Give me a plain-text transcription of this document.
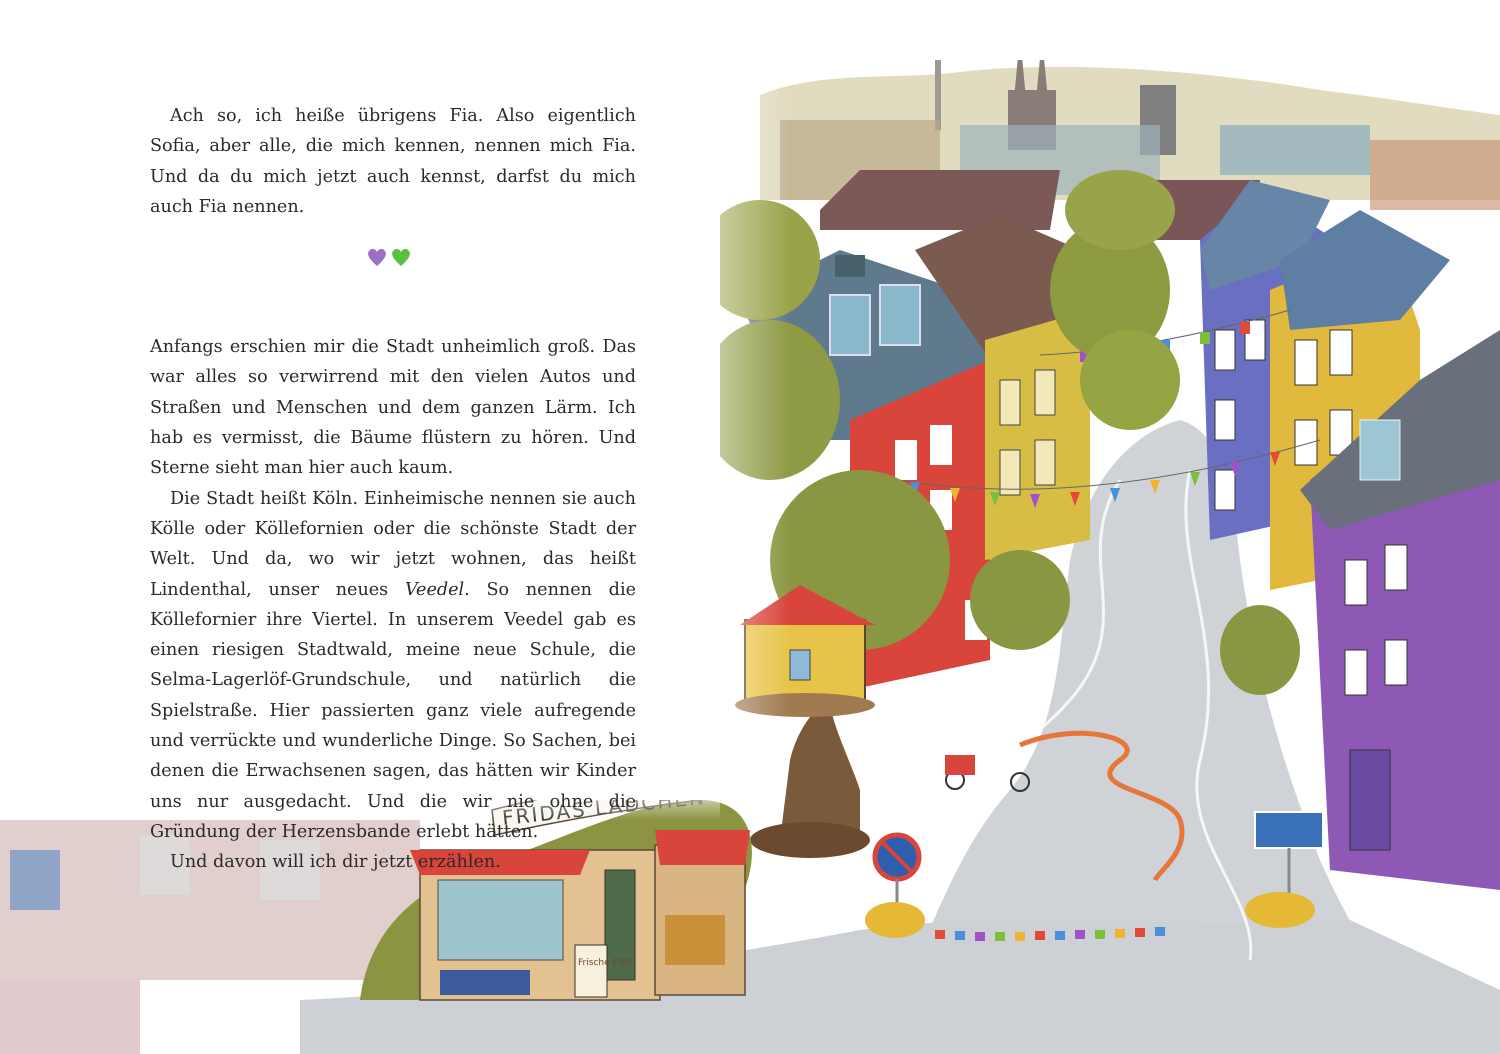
Frische EIER

Ach so, ich heiße übrigens Fia. Also eigentlich Sofia, aber alle, die mich kennen, nennen mich Fia. Und da du mich jetzt auch kennst, darfst du mich auch Fia nennen.

Anfangs erschien mir die Stadt unheimlich groß. Das war alles so verwirrend mit den vielen Autos und Straßen und Menschen und dem ganzen Lärm. Ich hab es vermisst, die Bäume flüstern zu hören. Und Sterne sieht man hier auch kaum.

Die Stadt heißt Köln. Einheimische nennen sie auch Kölle oder Köllefornien oder die schönste Stadt der Welt. Und da, wo wir jetzt wohnen, das heißt Lindenthal, unser neues Veedel. So nennen die Köllefornier ihre Viertel. In unserem Veedel gab es einen riesigen Stadtwald, meine neue Schule, die Selma-Lagerlöf-Grundschule, und natürlich die Spielstraße. Hier passierten ganz viele aufregende und verrückte und wunderliche Dinge. So Sachen, bei denen die Erwachsenen sagen, das hätten wir Kinder uns nur ausgedacht. Und die wir nie ohne die Gründung der Herzensbande erlebt hätten.

Und davon will ich dir jetzt erzählen.
